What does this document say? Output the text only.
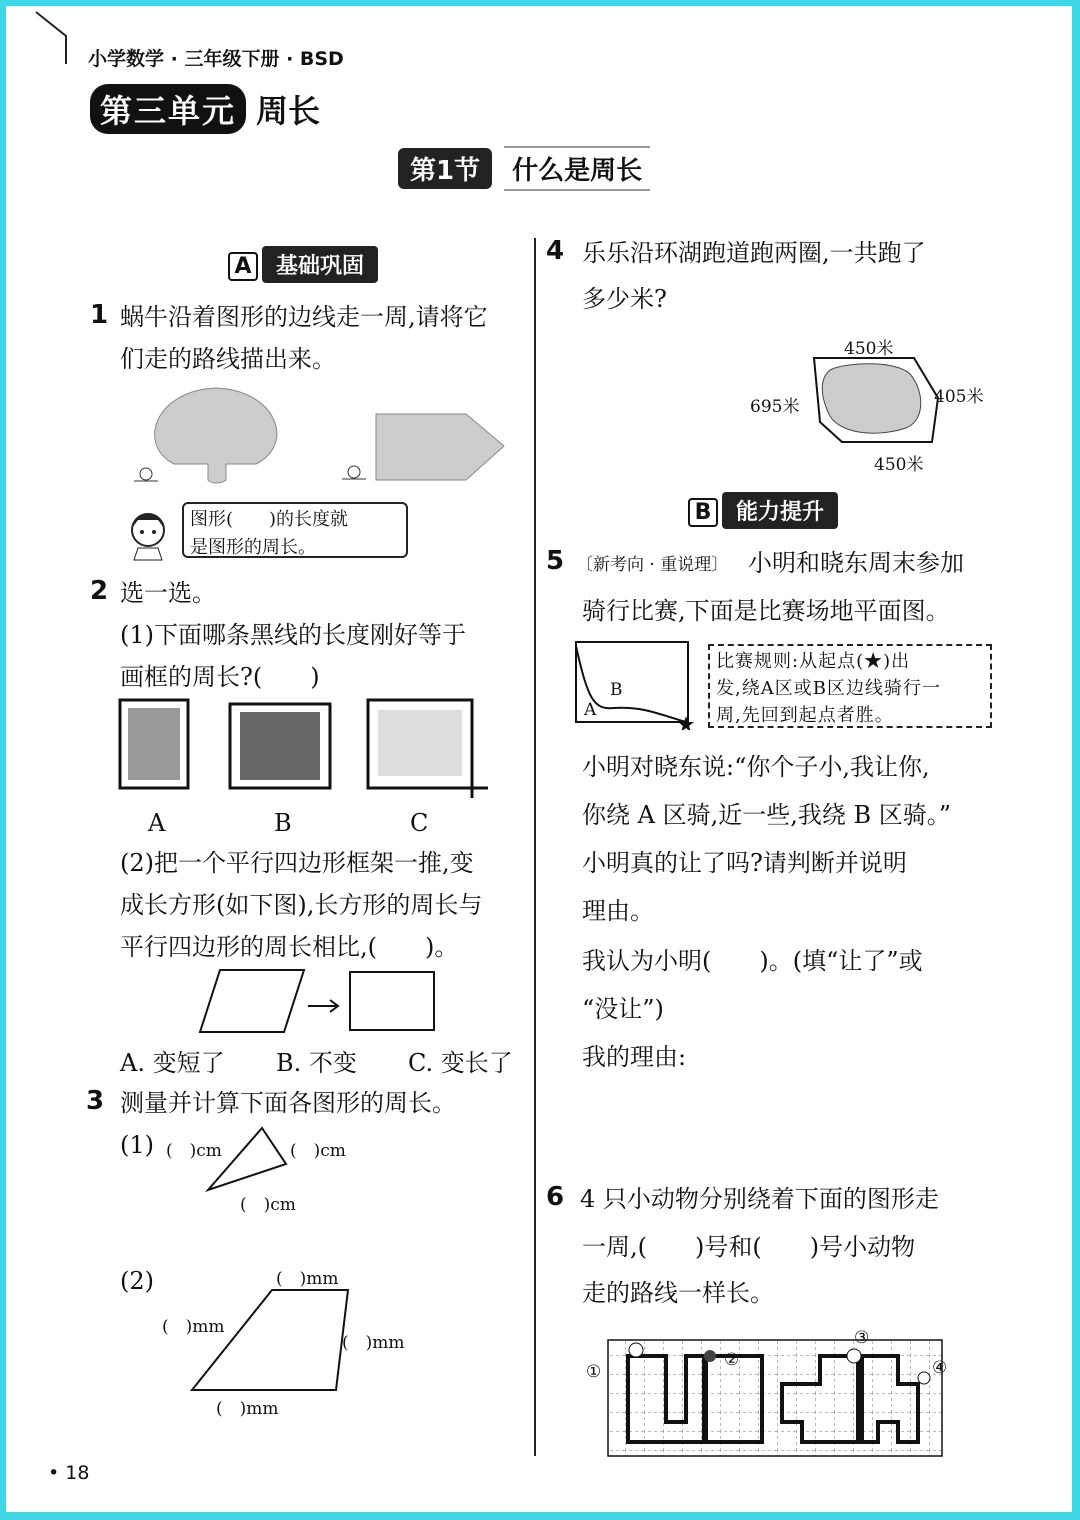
小学数学 · 三年级下册 · BSD
第三单元 周长
第1节 什么是周长
A 基础巩固
1 蜗牛沿着图形的边线走一周,请将它
们走的路线描出来。
图形(　　)的长度就
是图形的周长。
2 选一选。
(1)下面哪条黑线的长度刚好等于
画框的周长?(　　)
A	B	C
(2)把一个平行四边形框架一推,变
成长方形(如下图),长方形的周长与
平行四边形的周长相比,(　　)。
A. 变短了 B. 不变 C. 变长了
3 测量并计算下面各图形的周长。
(1) (　)cm	(　)cm
(　)cm
(2)	(　)mm
(　)mm
(　)mm
(　)mm
• 18
4 乐乐沿环湖跑道跑两圈,一共跑了
多少米?
450米
695米	405米
450米
B 能力提升
5 〔新考向 · 重说理〕 小明和晓东周末参加
骑行比赛,下面是比赛场地平面图。
A
B
比赛规则:从起点(★)出
发,绕A区或B区边线骑行一
周,先回到起点者胜。
小明对晓东说:“你个子小,我让你,
你绕 A 区骑,近一些,我绕 B 区骑。”
小明真的让了吗?请判断并说明
理由。
我认为小明(　　)。(填“让了”或
“没让”)
我的理由:
6 4 只小动物分别绕着下面的图形走
一周,(　　)号和(　　)号小动物
走的路线一样长。
①
②
③
④
